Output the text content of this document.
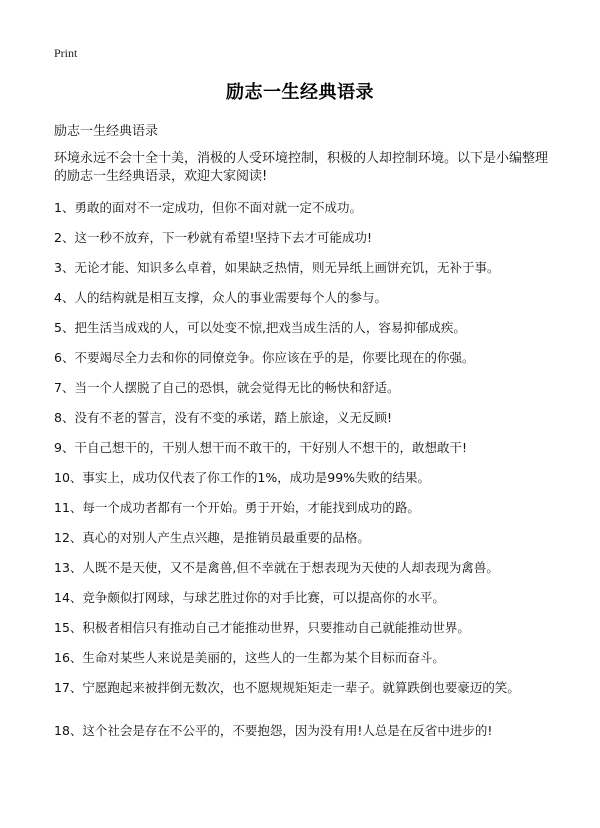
Print
励志一生经典语录
励志一生经典语录
环境永远不会十全十美，消极的人受环境控制，积极的人却控制环境。以下是小编整理的励志一生经典语录，欢迎大家阅读!
1、勇敢的面对不一定成功，但你不面对就一定不成功。
2、这一秒不放弃，下一秒就有希望!坚持下去才可能成功!
3、无论才能、知识多么卓着，如果缺乏热情，则无异纸上画饼充饥，无补于事。
4、人的结构就是相互支撑，众人的事业需要每个人的参与。
5、把生活当成戏的人，可以处变不惊,把戏当成生活的人，容易抑郁成疾。
6、不要竭尽全力去和你的同僚竞争。你应该在乎的是，你要比现在的你强。
7、当一个人摆脱了自己的恐惧，就会觉得无比的畅快和舒适。
8、没有不老的誓言，没有不变的承诺，踏上旅途，义无反顾!
9、干自己想干的，干别人想干而不敢干的，干好别人不想干的，敢想敢干!
10、事实上，成功仅代表了你工作的1%，成功是99%失败的结果。
11、每一个成功者都有一个开始。勇于开始，才能找到成功的路。
12、真心的对别人产生点兴趣，是推销员最重要的品格。
13、人既不是天使，又不是禽兽,但不幸就在于想表现为天使的人却表现为禽兽。
14、竞争颇似打网球，与球艺胜过你的对手比赛，可以提高你的水平。
15、积极者相信只有推动自己才能推动世界，只要推动自己就能推动世界。
16、生命对某些人来说是美丽的，这些人的一生都为某个目标而奋斗。
17、宁愿跑起来被拌倒无数次，也不愿规规矩矩走一辈子。就算跌倒也要豪迈的笑。
18、这个社会是存在不公平的，不要抱怨，因为没有用!人总是在反省中进步的!
